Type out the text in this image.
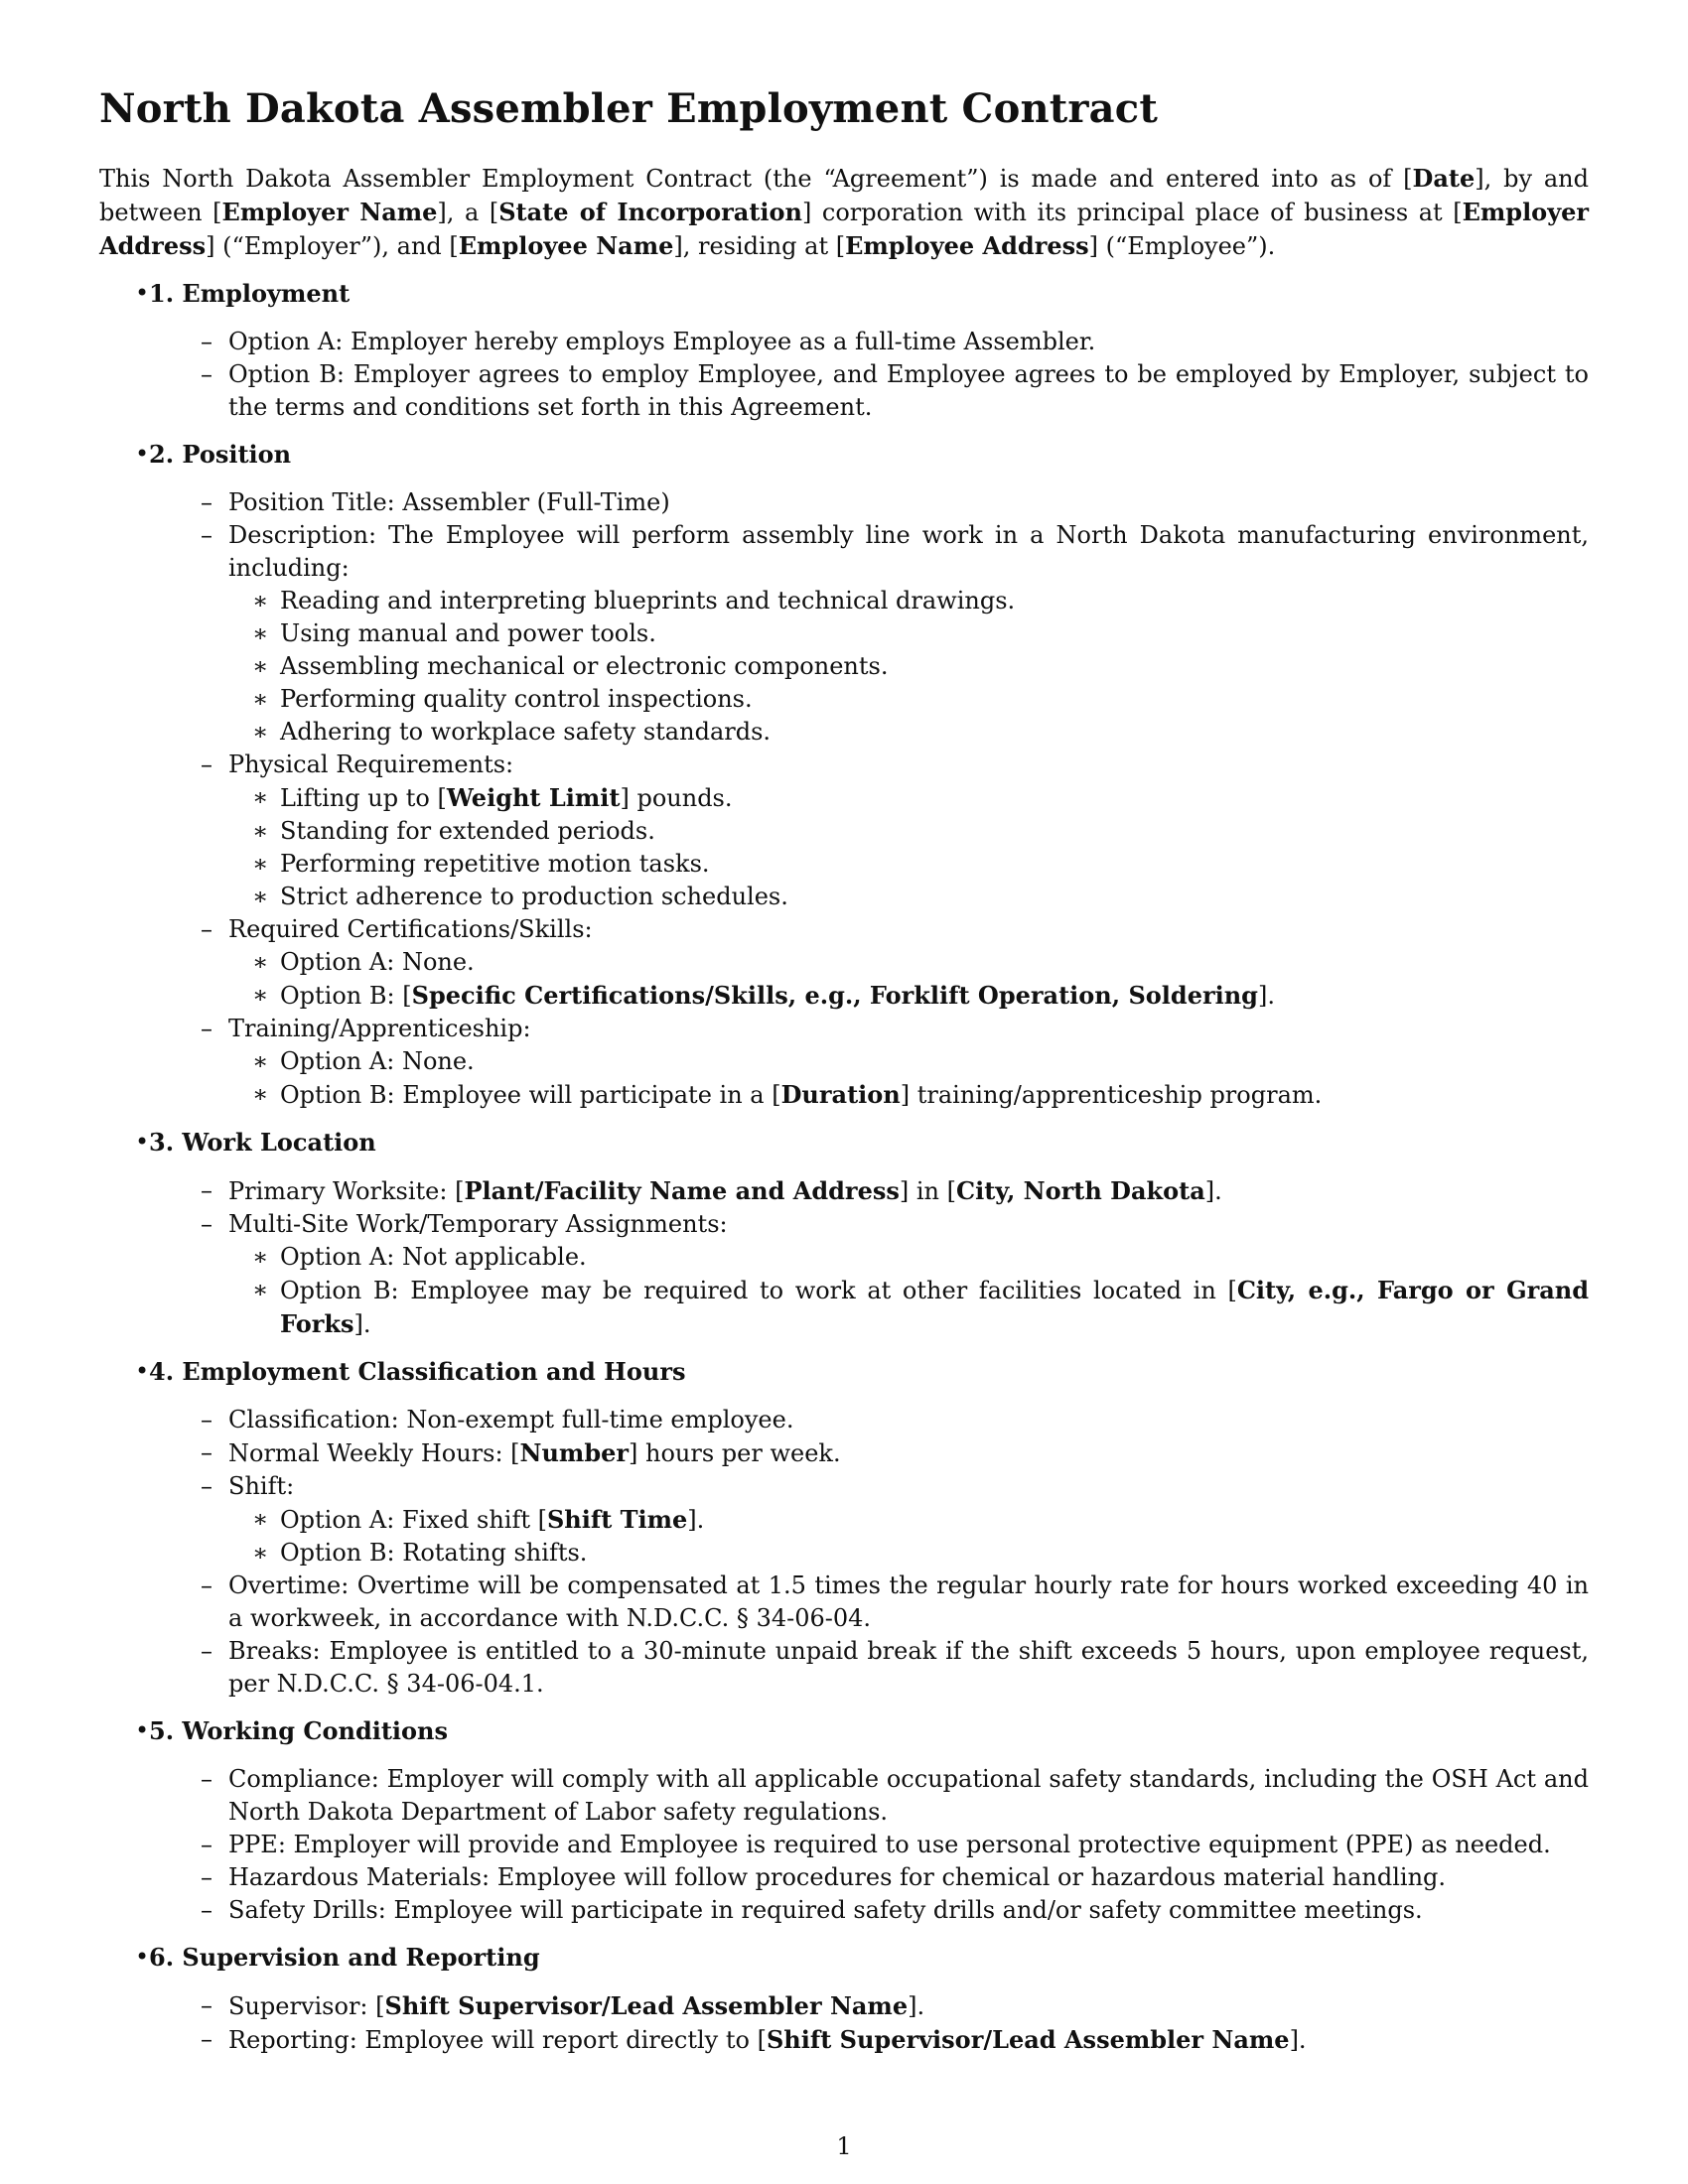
North Dakota Assembler Employment Contract

This North Dakota Assembler Employment Contract (the “Agreement”) is made and entered into as of [Date], by and between [Employer Name], a [State of Incorporation] corporation with its principal place of business at [Employer Address] (“Employer”), and [Employee Name], residing at [Employee Address] (“Employee”).

• 1. Employment
– Option A: Employer hereby employs Employee as a full-time Assembler.
– Option B: Employer agrees to employ Employee, and Employee agrees to be employed by Employer, subject to the terms and conditions set forth in this Agreement.
• 2. Position
– Position Title: Assembler (Full-Time)
– Description: The Employee will perform assembly line work in a North Dakota manufacturing environment, including:
∗ Reading and interpreting blueprints and technical drawings.
∗ Using manual and power tools.
∗ Assembling mechanical or electronic components.
∗ Performing quality control inspections.
∗ Adhering to workplace safety standards.
– Physical Requirements:
∗ Lifting up to [Weight Limit] pounds.
∗ Standing for extended periods.
∗ Performing repetitive motion tasks.
∗ Strict adherence to production schedules.
– Required Certifications/Skills:
∗ Option A: None.
∗ Option B: [Specific Certifications/Skills, e.g., Forklift Operation, Soldering].
– Training/Apprenticeship:
∗ Option A: None.
∗ Option B: Employee will participate in a [Duration] training/apprenticeship program.
• 3. Work Location
– Primary Worksite: [Plant/Facility Name and Address] in [City, North Dakota].
– Multi-Site Work/Temporary Assignments:
∗ Option A: Not applicable.
∗ Option B: Employee may be required to work at other facilities located in [City, e.g., Fargo or Grand Forks].
• 4. Employment Classification and Hours
– Classification: Non-exempt full-time employee.
– Normal Weekly Hours: [Number] hours per week.
– Shift:
∗ Option A: Fixed shift [Shift Time].
∗ Option B: Rotating shifts.
– Overtime: Overtime will be compensated at 1.5 times the regular hourly rate for hours worked exceeding 40 in a workweek, in accordance with N.D.C.C. § 34-06-04.
– Breaks: Employee is entitled to a 30-minute unpaid break if the shift exceeds 5 hours, upon employee request, per N.D.C.C. § 34-06-04.1.
• 5. Working Conditions
– Compliance: Employer will comply with all applicable occupational safety standards, including the OSH Act and North Dakota Department of Labor safety regulations.
– PPE: Employer will provide and Employee is required to use personal protective equipment (PPE) as needed.
– Hazardous Materials: Employee will follow procedures for chemical or hazardous material handling.
– Safety Drills: Employee will participate in required safety drills and/or safety committee meetings.
• 6. Supervision and Reporting
– Supervisor: [Shift Supervisor/Lead Assembler Name].
– Reporting: Employee will report directly to [Shift Supervisor/Lead Assembler Name].
1
